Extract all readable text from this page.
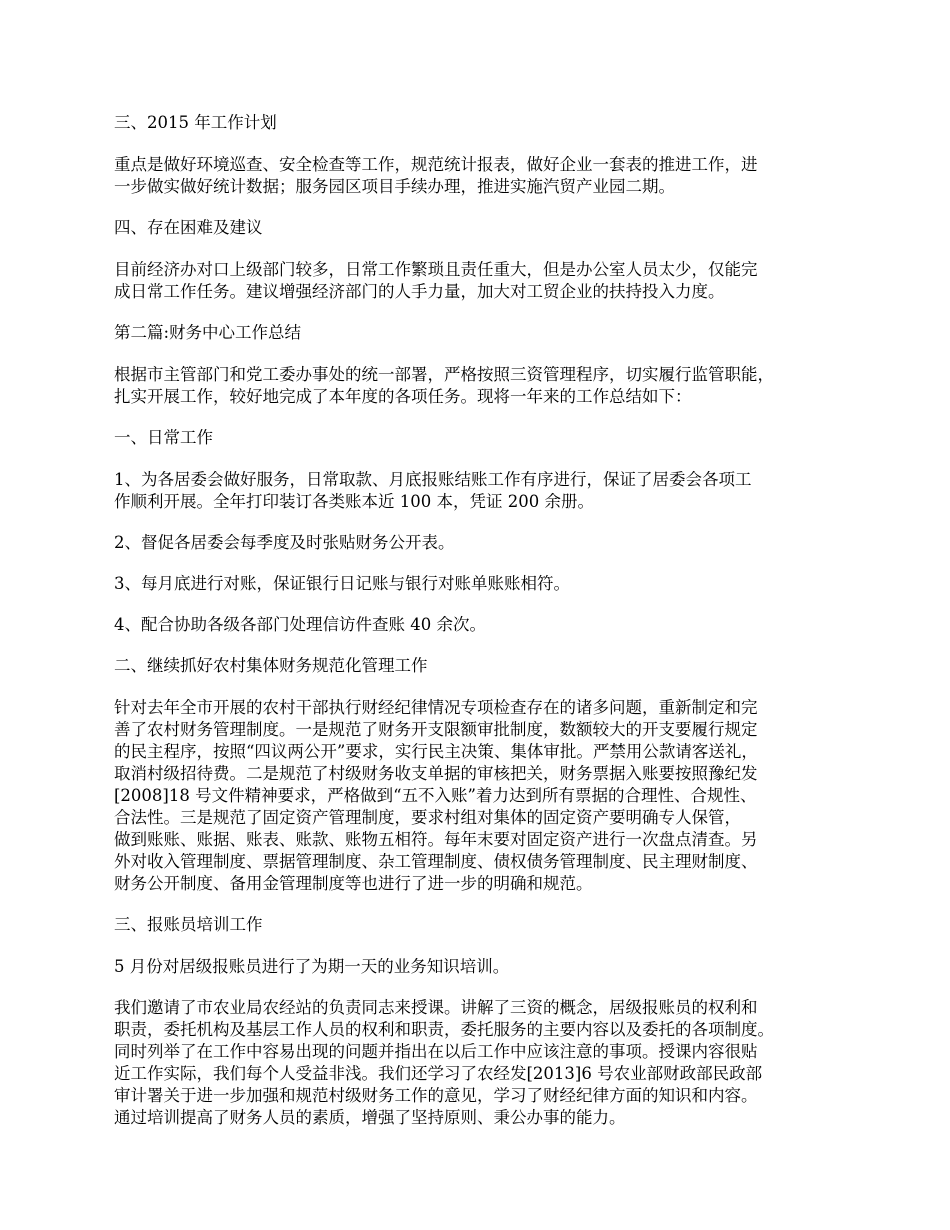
三、2015 年工作计划

重点是做好环境巡查、安全检查等工作，规范统计报表，做好企业一套表的推进工作，进
一步做实做好统计数据；服务园区项目手续办理，推进实施汽贸产业园二期。

四、存在困难及建议

目前经济办对口上级部门较多，日常工作繁琐且责任重大，但是办公室人员太少，仅能完
成日常工作任务。建议增强经济部门的人手力量，加大对工贸企业的扶持投入力度。

第二篇:财务中心工作总结

根据市主管部门和党工委办事处的统一部署，严格按照三资管理程序，切实履行监管职能，
扎实开展工作，较好地完成了本年度的各项任务。现将一年来的工作总结如下：

一、日常工作

1、为各居委会做好服务，日常取款、月底报账结账工作有序进行，保证了居委会各项工
作顺利开展。全年打印装订各类账本近 100 本，凭证 200 余册。

2、督促各居委会每季度及时张贴财务公开表。

3、每月底进行对账，保证银行日记账与银行对账单账账相符。

4、配合协助各级各部门处理信访件查账 40 余次。

二、继续抓好农村集体财务规范化管理工作

针对去年全市开展的农村干部执行财经纪律情况专项检查存在的诸多问题，重新制定和完
善了农村财务管理制度。一是规范了财务开支限额审批制度，数额较大的开支要履行规定
的民主程序，按照“四议两公开”要求，实行民主决策、集体审批。严禁用公款请客送礼，
取消村级招待费。二是规范了村级财务收支单据的审核把关，财务票据入账要按照豫纪发
[2008]18 号文件精神要求，严格做到“五不入账”着力达到所有票据的合理性、合规性、
合法性。三是规范了固定资产管理制度，要求村组对集体的固定资产要明确专人保管，
做到账账、账据、账表、账款、账物五相符。每年末要对固定资产进行一次盘点清查。另
外对收入管理制度、票据管理制度、杂工管理制度、债权债务管理制度、民主理财制度、
财务公开制度、备用金管理制度等也进行了进一步的明确和规范。

三、报账员培训工作

5 月份对居级报账员进行了为期一天的业务知识培训。

我们邀请了市农业局农经站的负责同志来授课。讲解了三资的概念，居级报账员的权利和
职责，委托机构及基层工作人员的权利和职责，委托服务的主要内容以及委托的各项制度。
同时列举了在工作中容易出现的问题并指出在以后工作中应该注意的事项。授课内容很贴
近工作实际，我们每个人受益非浅。我们还学习了农经发[2013]6 号农业部财政部民政部
审计署关于进一步加强和规范村级财务工作的意见，学习了财经纪律方面的知识和内容。
通过培训提高了财务人员的素质，增强了坚持原则、秉公办事的能力。
